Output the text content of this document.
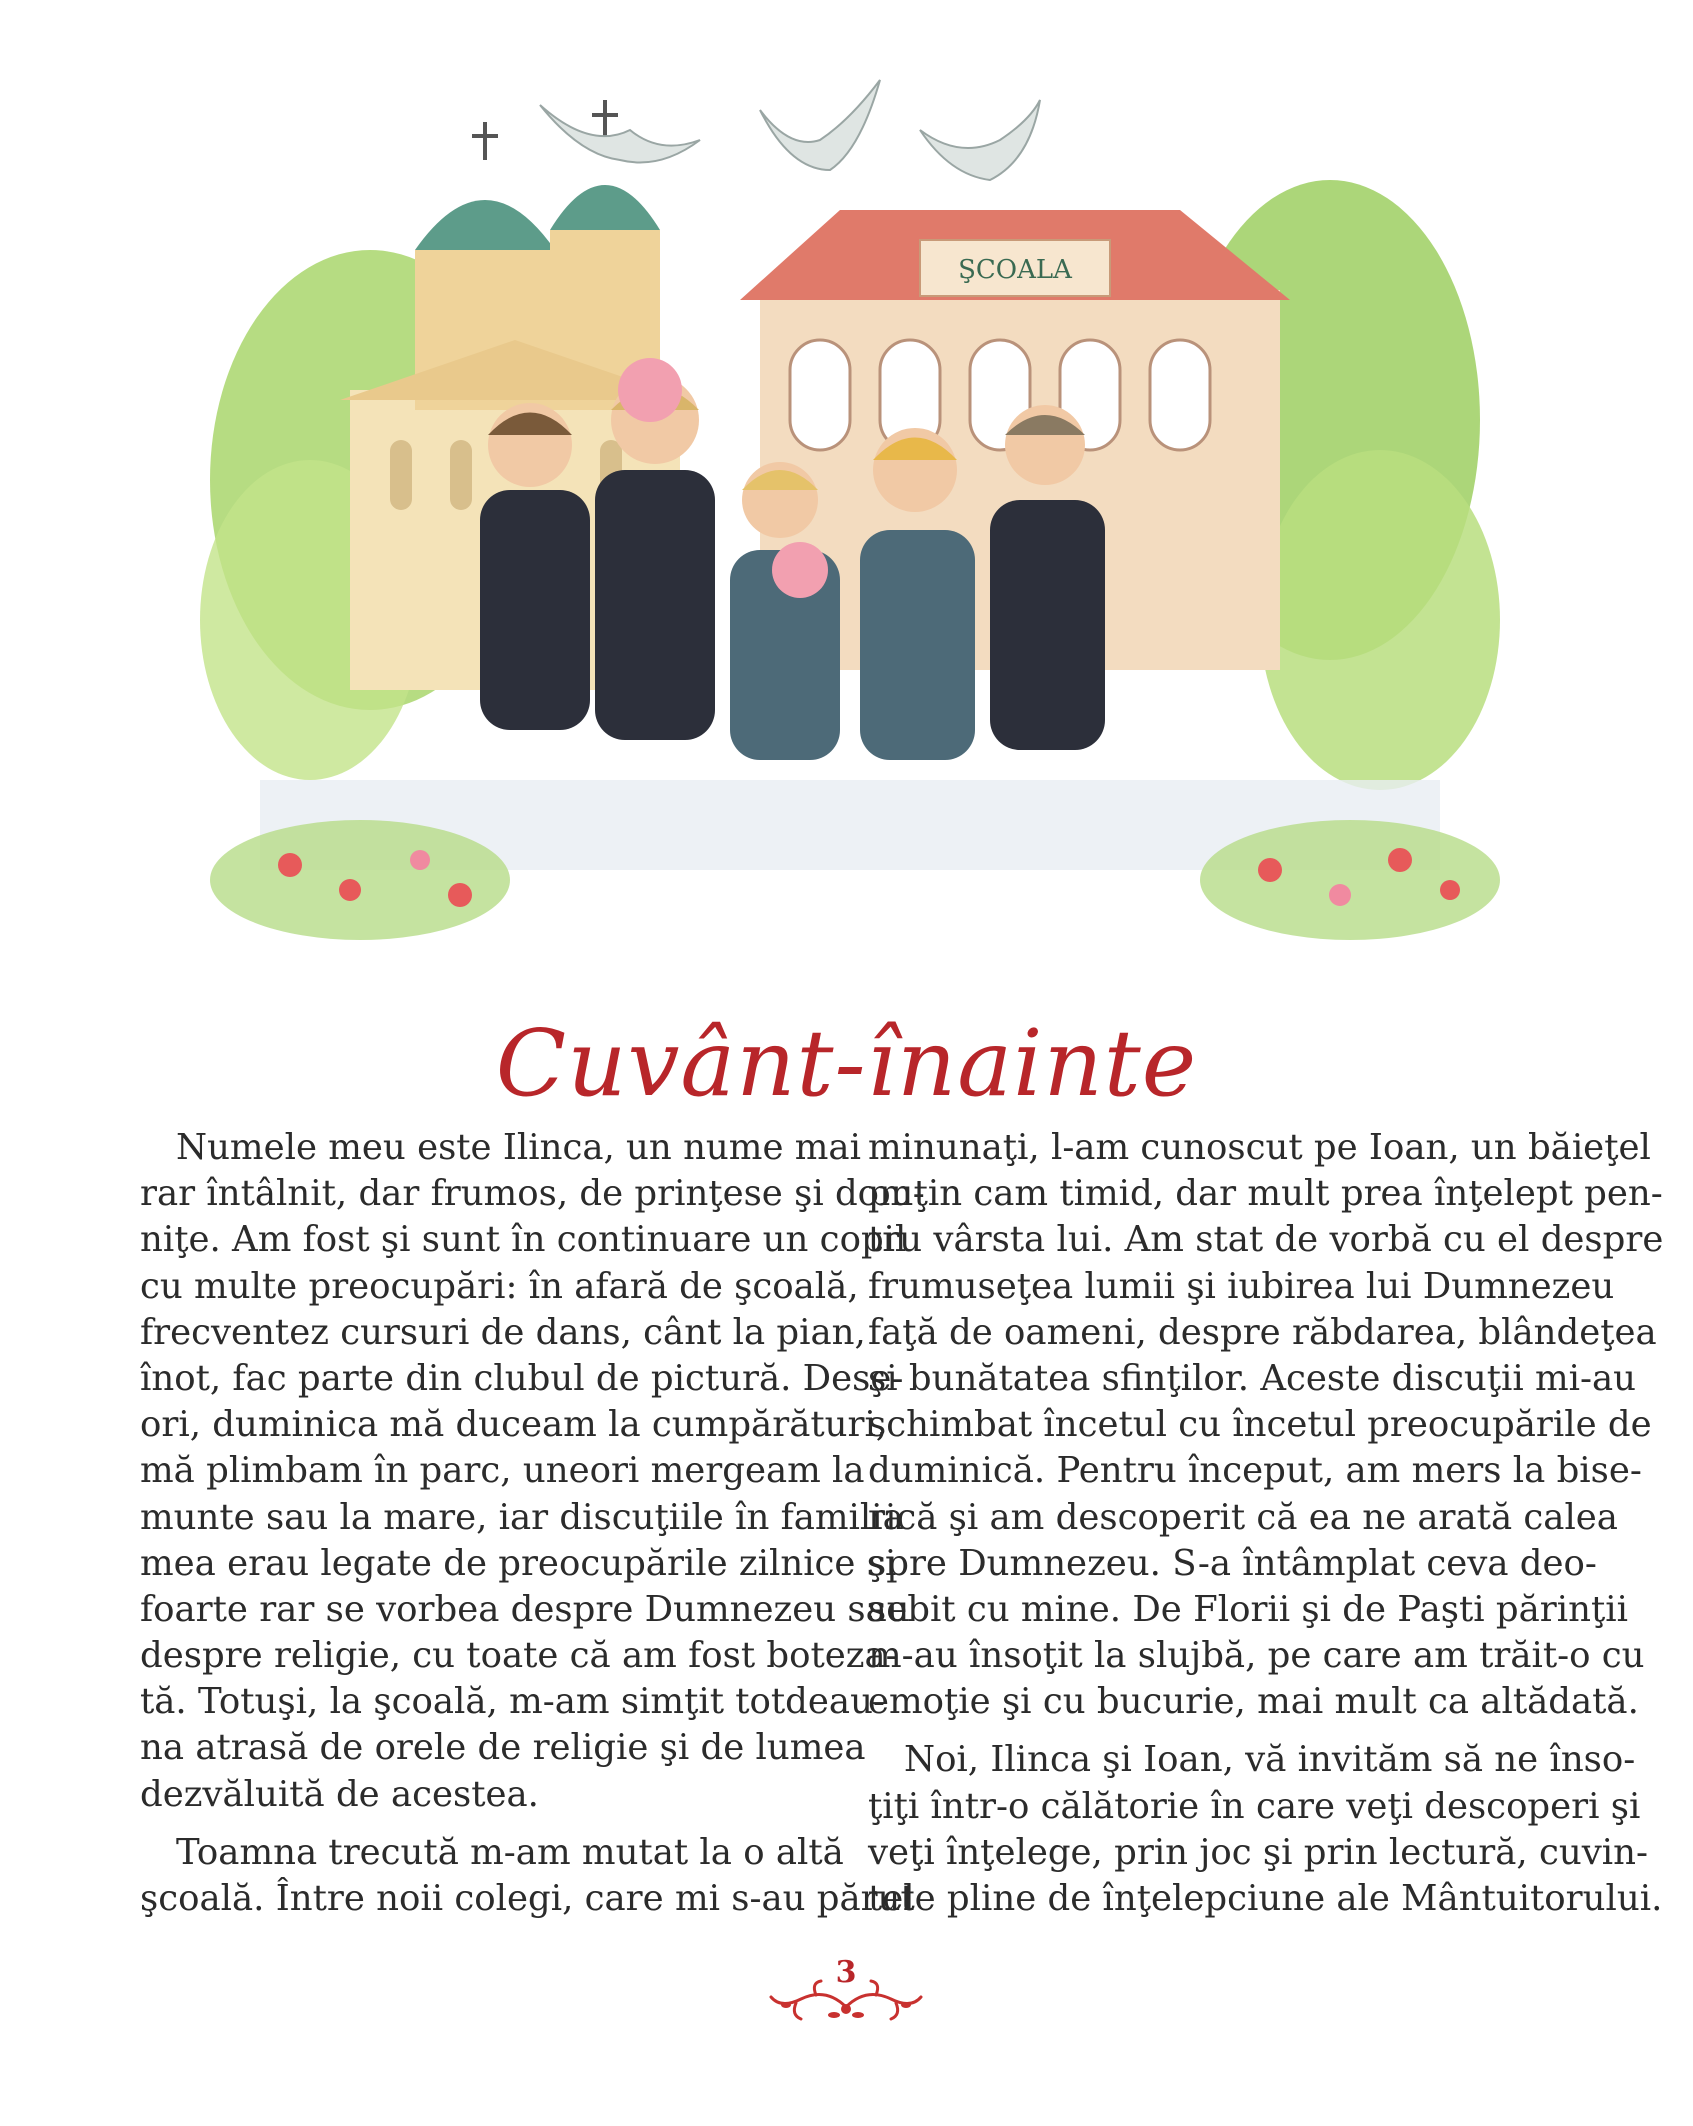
ŞCOALA
Cuvânt-înainte
Numele meu este Ilinca, un nume mai
rar întâlnit, dar frumos, de prinţese şi dom-
niţe. Am fost şi sunt în continuare un copil
cu multe preocupări: în afară de şcoală,
frecventez cursuri de dans, cânt la pian,
înot, fac parte din clubul de pictură. Dese-
ori, duminica mă duceam la cumpărături,
mă plimbam în parc, uneori mergeam la
munte sau la mare, iar discuţiile în familia
mea erau legate de preocupările zilnice şi
foarte rar se vorbea despre Dumnezeu sau
despre religie, cu toate că am fost boteza-
tă. Totuşi, la şcoală, m-am simţit totdeau-
na atrasă de orele de religie şi de lumea
dezvăluită de acestea.
Toamna trecută m-am mutat la o altă
şcoală. Între noii colegi, care mi s-au părut
minunaţi, l-am cunoscut pe Ioan, un băieţel
puţin cam timid, dar mult prea înţelept pen-
tru vârsta lui. Am stat de vorbă cu el despre
frumuseţea lumii şi iubirea lui Dumnezeu
faţă de oameni, despre răbdarea, blândeţea
şi bunătatea sfinţilor. Aceste discuţii mi-au
schimbat încetul cu încetul preocupările de
duminică. Pentru început, am mers la bise-
rică şi am descoperit că ea ne arată calea
spre Dumnezeu. S-a întâmplat ceva deo-
sebit cu mine. De Florii şi de Paşti părinţii
m-au însoţit la slujbă, pe care am trăit-o cu
emoţie şi cu bucurie, mai mult ca altădată.
Noi, Ilinca şi Ioan, vă invităm să ne înso-
ţiţi într-o călătorie în care veţi descoperi şi
veţi înţelege, prin joc şi prin lectură, cuvin-
tele pline de înţelepciune ale Mântuitorului.
3
